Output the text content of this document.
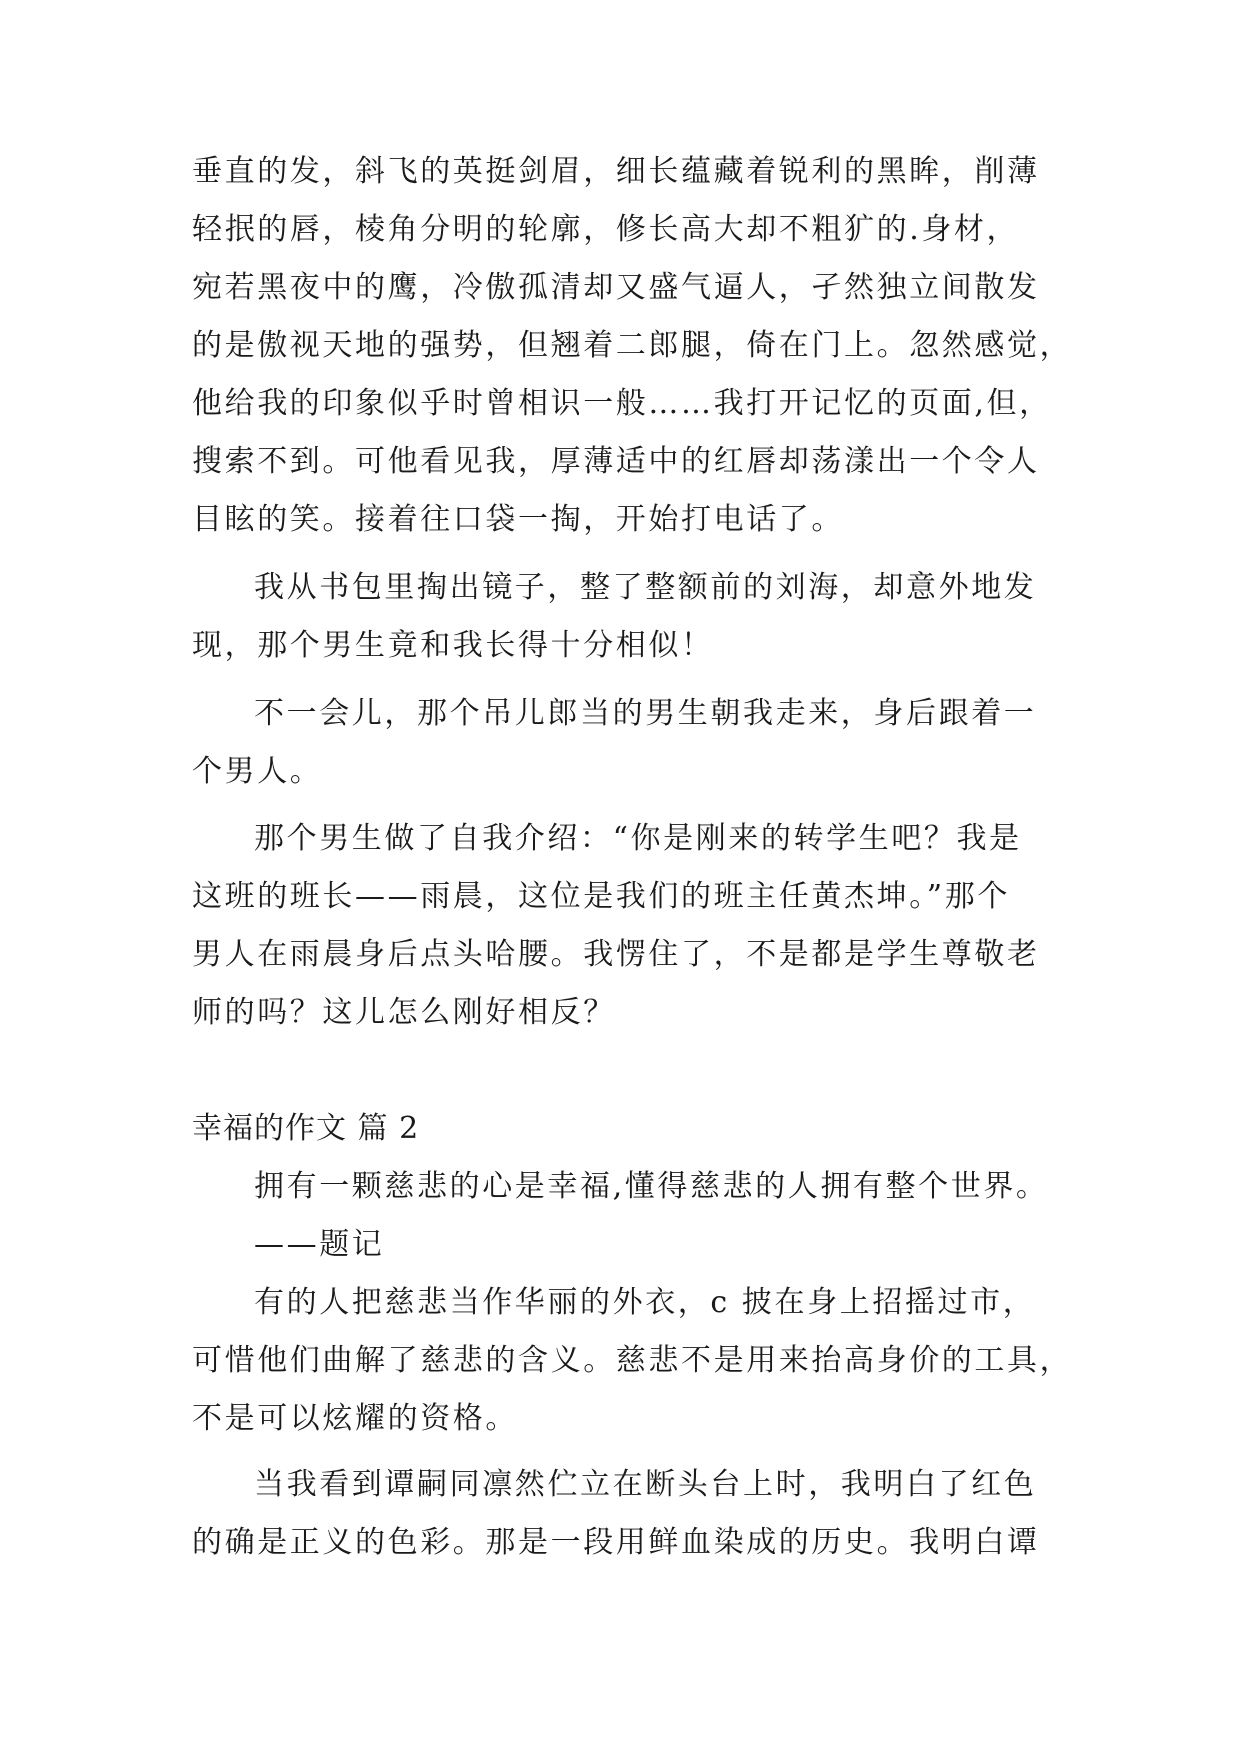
垂直的发，斜飞的英挺剑眉，细长蕴藏着锐利的黑眸，削薄
轻抿的唇，棱角分明的轮廓，修长高大却不粗犷的.身材，
宛若黑夜中的鹰，冷傲孤清却又盛气逼人，孑然独立间散发
的是傲视天地的强势，但翘着二郎腿，倚在门上。忽然感觉，
他给我的印象似乎时曾相识一般……我打开记忆的页面,但，
搜索不到。可他看见我，厚薄适中的红唇却荡漾出一个令人
目眩的笑。接着往口袋一掏，开始打电话了。
我从书包里掏出镜子，整了整额前的刘海，却意外地发
现，那个男生竟和我长得十分相似！
不一会儿，那个吊儿郎当的男生朝我走来，身后跟着一
个男人。
那个男生做了自我介绍：“你是刚来的转学生吧？我是
这班的班长——雨晨，这位是我们的班主任黄杰坤。”那个
男人在雨晨身后点头哈腰。我愣住了，不是都是学生尊敬老
师的吗？这儿怎么刚好相反？
幸福的作文 篇 2
拥有一颗慈悲的心是幸福,懂得慈悲的人拥有整个世界。
——题记
有的人把慈悲当作华丽的外衣，c 披在身上招摇过市，
可惜他们曲解了慈悲的含义。慈悲不是用来抬高身价的工具，
不是可以炫耀的资格。
当我看到谭嗣同凛然伫立在断头台上时，我明白了红色
的确是正义的色彩。那是一段用鲜血染成的历史。我明白谭
